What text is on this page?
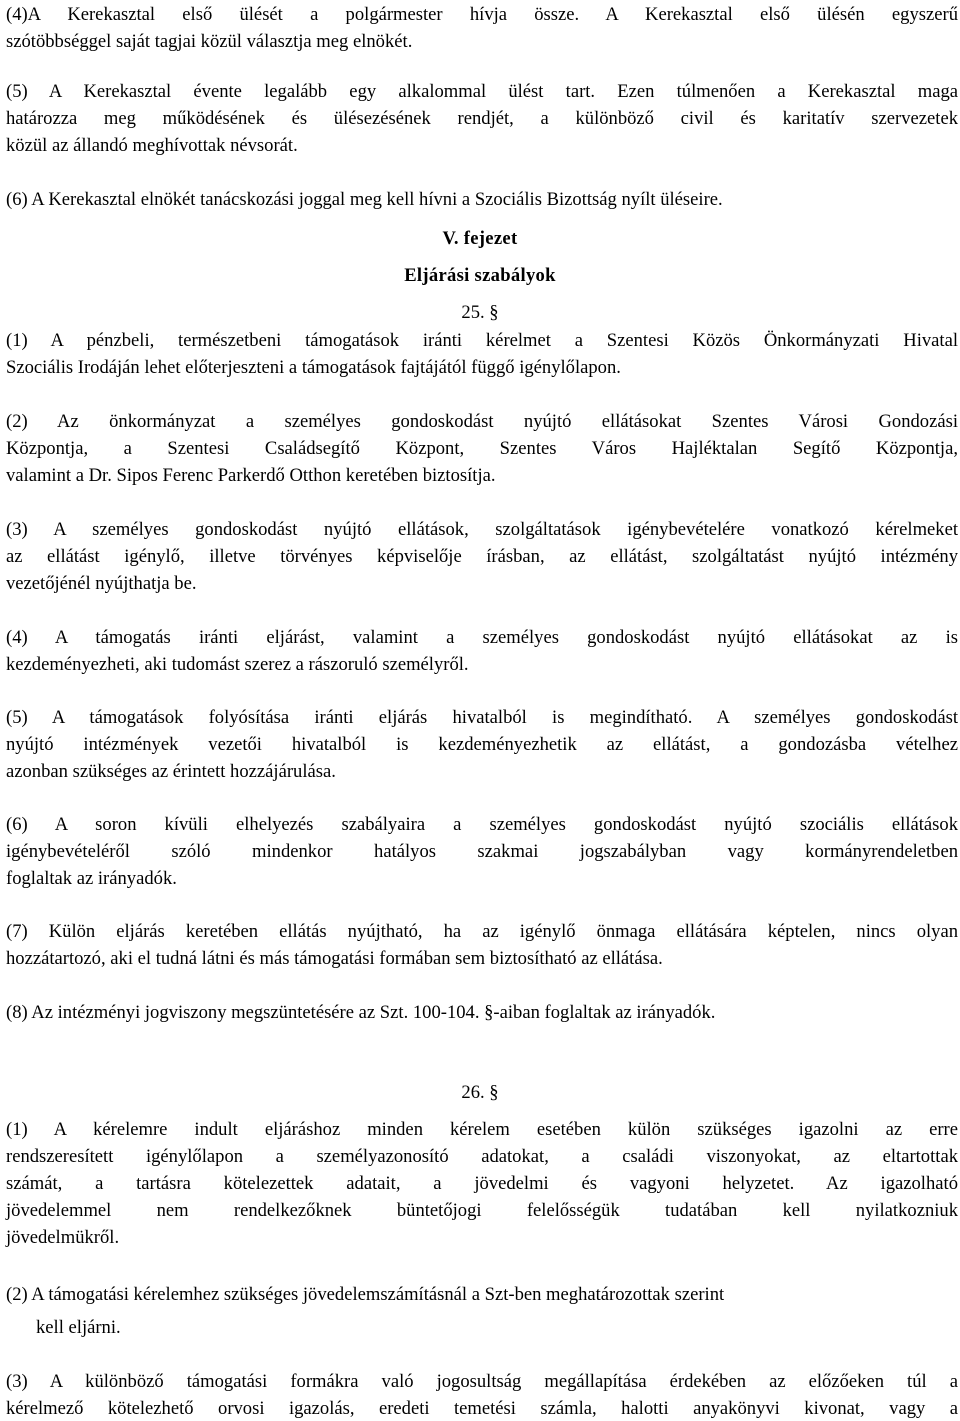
(4)A Kerekasztal első ülését a polgármester hívja össze. A Kerekasztal első ülésén egyszerű
szótöbbséggel saját tagjai közül választja meg elnökét.
(5) A Kerekasztal évente legalább egy alkalommal ülést tart. Ezen túlmenően a Kerekasztal maga
határozza meg működésének és ülésezésének rendjét, a különböző civil és karitatív szervezetek
közül az állandó meghívottak névsorát.
(6) A Kerekasztal elnökét tanácskozási joggal meg kell hívni a Szociális Bizottság nyílt üléseire.
V. fejezet
Eljárási szabályok
25. §
(1) A pénzbeli, természetbeni támogatások iránti kérelmet a Szentesi Közös Önkormányzati Hivatal
Szociális Irodáján lehet előterjeszteni a támogatások fajtájától függő igénylőlapon.
(2) Az önkormányzat a személyes gondoskodást nyújtó ellátásokat Szentes Városi Gondozási
Központja, a Szentesi Családsegítő Központ, Szentes Város Hajléktalan Segítő Központja,
valamint a Dr. Sipos Ferenc Parkerdő Otthon keretében biztosítja.
(3) A személyes gondoskodást nyújtó ellátások, szolgáltatások igénybevételére vonatkozó kérelmeket
az ellátást igénylő, illetve törvényes képviselője írásban, az ellátást, szolgáltatást nyújtó intézmény
vezetőjénél nyújthatja be.
(4) A támogatás iránti eljárást, valamint a személyes gondoskodást nyújtó ellátásokat az is
kezdeményezheti, aki tudomást szerez a rászoruló személyről.
(5) A támogatások folyósítása iránti eljárás hivatalból is megindítható. A személyes gondoskodást
nyújtó intézmények vezetői hivatalból is kezdeményezhetik az ellátást, a gondozásba vételhez
azonban szükséges az érintett hozzájárulása.
(6) A soron kívüli elhelyezés szabályaira a személyes gondoskodást nyújtó szociális ellátások
igénybevételéről szóló mindenkor hatályos szakmai jogszabályban vagy kormányrendeletben
foglaltak az irányadók.
(7) Külön eljárás keretében ellátás nyújtható, ha az igénylő önmaga ellátására képtelen, nincs olyan
hozzátartozó, aki el tudná látni és más támogatási formában sem biztosítható az ellátása.
(8) Az intézményi jogviszony megszüntetésére az Szt. 100-104. §-aiban foglaltak az irányadók.
26. §
(1) A kérelemre indult eljáráshoz minden kérelem esetében külön szükséges igazolni az erre
rendszeresített igénylőlapon a személyazonosító adatokat, a családi viszonyokat, az eltartottak
számát, a tartásra kötelezettek adatait, a jövedelmi és vagyoni helyzetet. Az igazolható
jövedelemmel nem rendelkezőknek büntetőjogi felelősségük tudatában kell nyilatkozniuk
jövedelmükről.
(2) A támogatási kérelemhez szükséges jövedelemszámításnál a Szt-ben meghatározottak szerint
kell eljárni.
(3) A különböző támogatási formákra való jogosultság megállapítása érdekében az előzőeken túl a
kérelmező kötelezhető orvosi igazolás, eredeti temetési számla, halotti anyakönyvi kivonat, vagy a
